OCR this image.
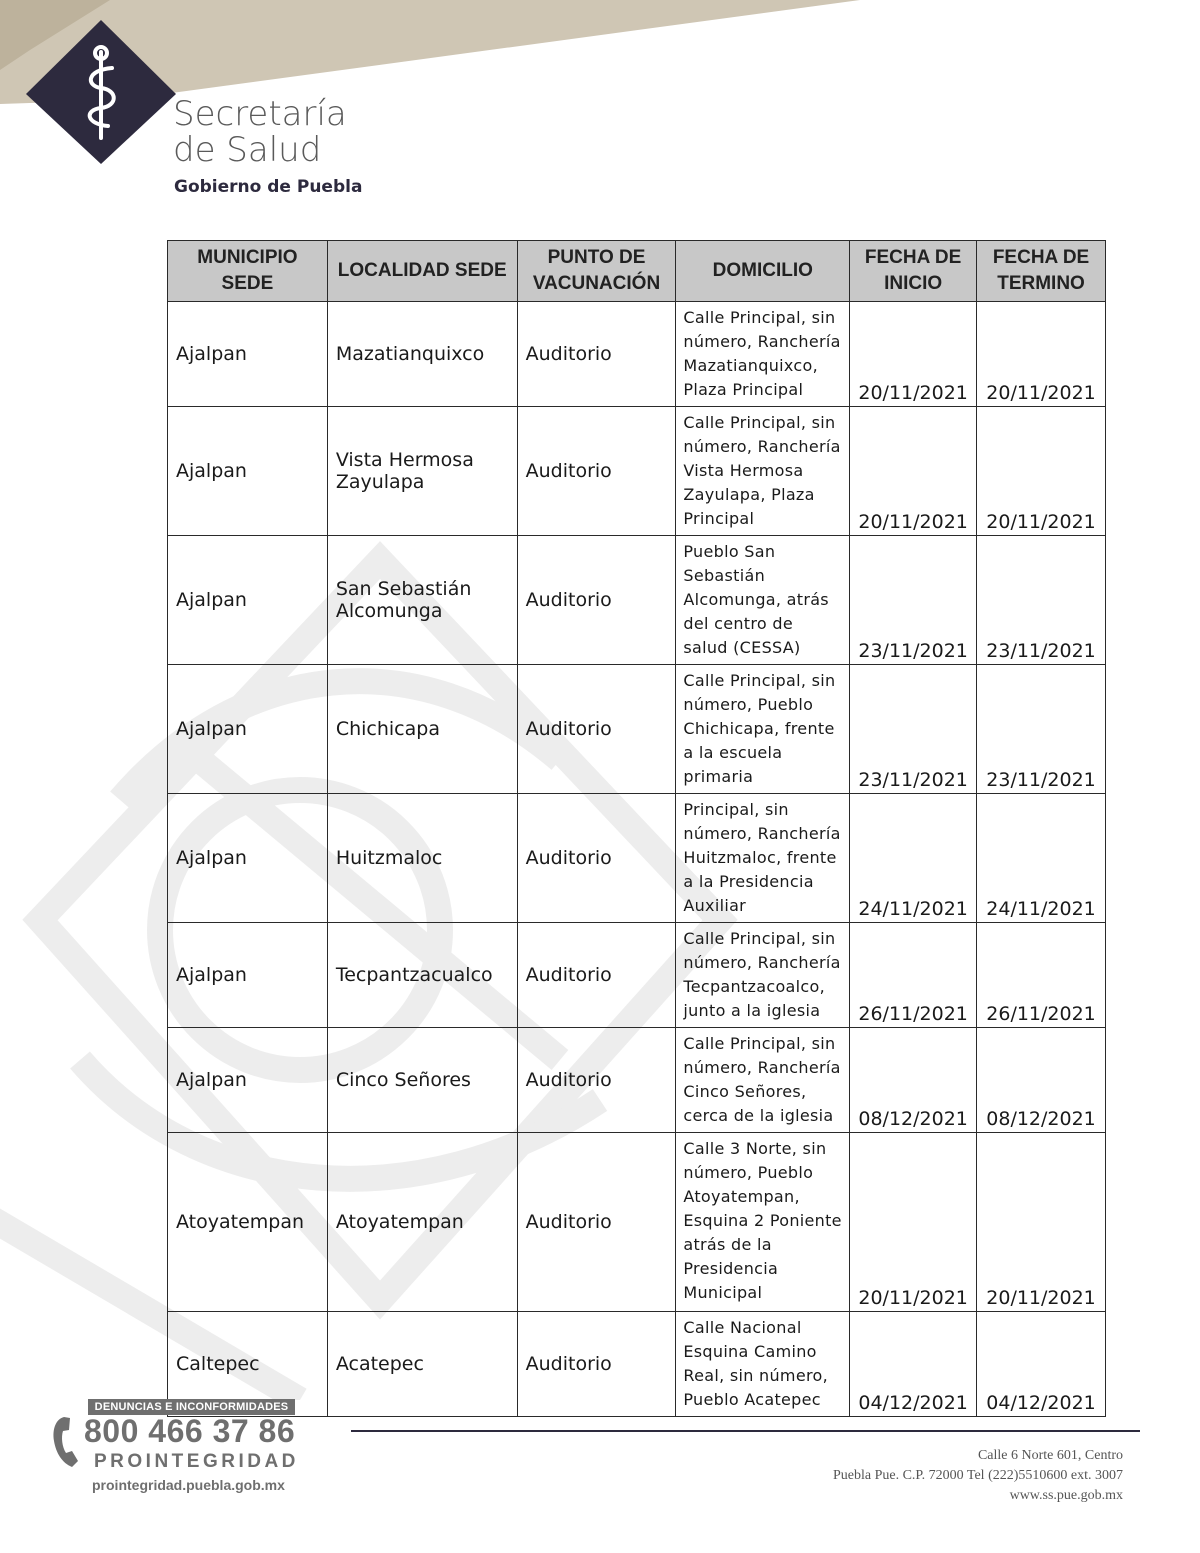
Secretaría
de Salud
Gobierno de Puebla
MUNICIPIO SEDE	LOCALIDAD SEDE	PUNTO DE VACUNACIÓN	DOMICILIO	FECHA DE INICIO	FECHA DE TERMINO
Ajalpan	Mazatianquixco	Auditorio	Calle Principal, sin número, Ranchería Mazatianquixco, Plaza Principal	20/11/2021	20/11/2021
Ajalpan	Vista Hermosa Zayulapa	Auditorio	Calle Principal, sin número, Ranchería Vista Hermosa Zayulapa, Plaza Principal	20/11/2021	20/11/2021
Ajalpan	San Sebastián Alcomunga	Auditorio	Pueblo San Sebastián Alcomunga, atrás del centro de salud (CESSA)	23/11/2021	23/11/2021
Ajalpan	Chichicapa	Auditorio	Calle Principal, sin número, Pueblo Chichicapa, frente a la escuela primaria	23/11/2021	23/11/2021
Ajalpan	Huitzmaloc	Auditorio	Principal, sin número, Ranchería Huitzmaloc, frente a la Presidencia Auxiliar	24/11/2021	24/11/2021
Ajalpan	Tecpantzacualco	Auditorio	Calle Principal, sin número, Ranchería Tecpantzacoalco, junto a la iglesia	26/11/2021	26/11/2021
Ajalpan	Cinco Señores	Auditorio	Calle Principal, sin número, Ranchería Cinco Señores, cerca de la iglesia	08/12/2021	08/12/2021
Atoyatempan	Atoyatempan	Auditorio	Calle 3 Norte, sin número, Pueblo Atoyatempan, Esquina 2 Poniente atrás de la Presidencia Municipal	20/11/2021	20/11/2021
Caltepec	Acatepec	Auditorio	Calle Nacional Esquina Camino Real, sin número, Pueblo Acatepec	04/12/2021	04/12/2021
DENUNCIAS E INCONFORMIDADES
800 466 37 86
PROINTEGRIDAD
prointegridad.puebla.gob.mx
Calle 6 Norte 601, Centro
Puebla Pue. C.P. 72000 Tel (222)5510600 ext. 3007
www.ss.pue.gob.mx
